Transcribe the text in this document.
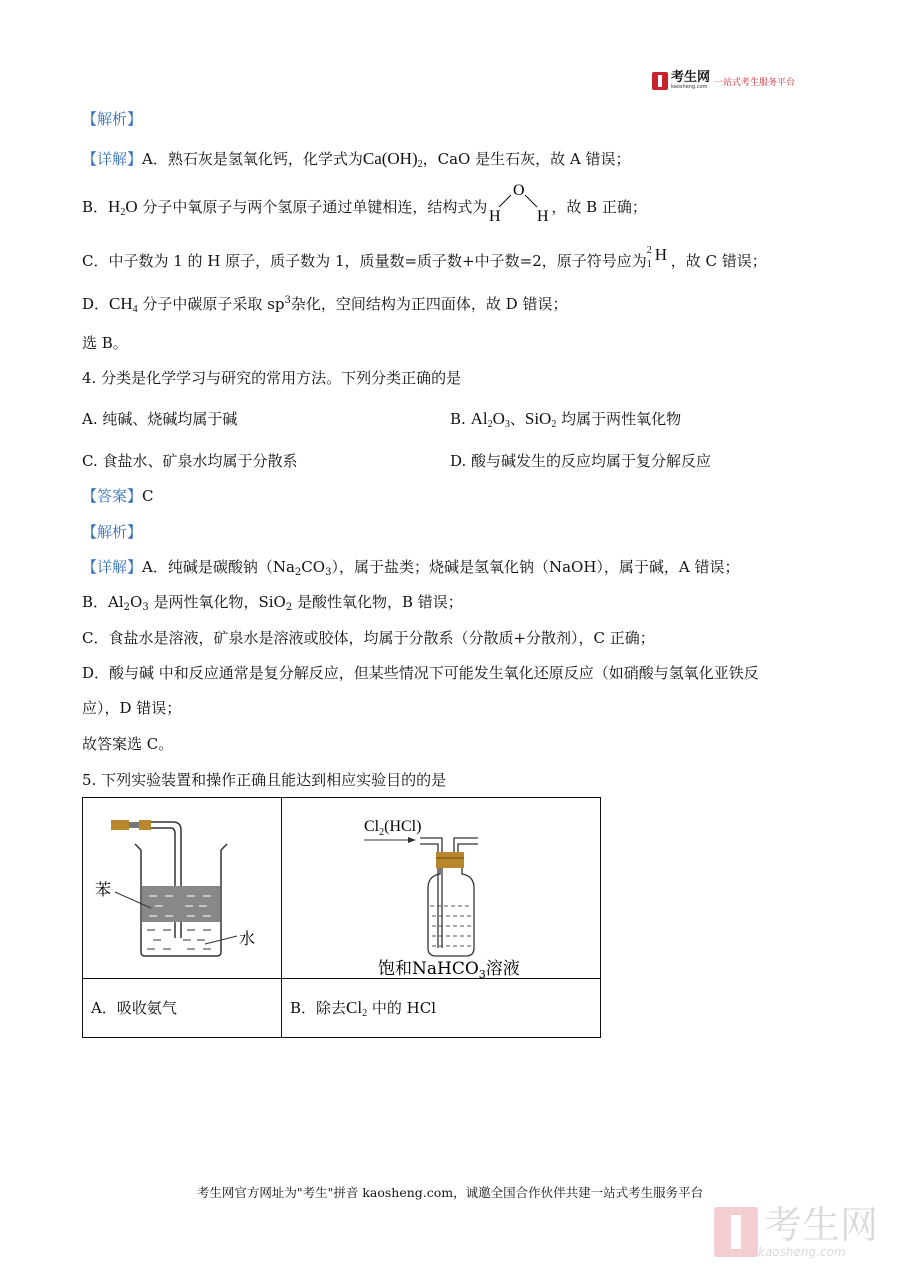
考生网
kaosheng.com 一站式考生服务平台
【解析】
【详解】A．熟石灰是氢氧化钙，化学式为$Ca(OH)_2$，CaO 是生石灰，故 A 错误；
B．$H_2O$ 分子中氧原子与两个氢原子通过单键相连，结构式为
O
H H
，故 B 正确；
C．中子数为 1 的 H 原子，质子数为 1，质量数=质子数+中子数=2，原子符号应为
2
1
H ，故 C 错误；
D．$CH_4$ 分子中碳原子采取 $sp^3$杂化，空间结构为正四面体，故 D 错误；
选 B。
4. 分类是化学学习与研究的常用方法。下列分类正确的是
A. 纯碱、烧碱均属于碱	B. $Al_2O_3$、SiO$_2$ 均属于两性氧化物
C. 食盐水、矿泉水均属于分散系	D. 酸与碱发生的反应均属于复分解反应
【答案】C
【解析】
【详解】A．纯碱是碳酸钠$(Na_2CO_3)$，属于盐类；烧碱是氢氧化钠（NaOH），属于碱，A 错误；
B．$Al_2O_3$ 是两性氧化物，SiO$_2$ 是酸性氧化物，B 错误；
C．食盐水是溶液，矿泉水是溶液或胶体，均属于分散系（分散质+分散剂），C 正确；
D．酸与碱 中和反应通常是复分解反应，但某些情况下可能发生氧化还原反应（如硝酸与氢氧化亚铁反
应），D 错误；
故答案选 C。
5. 下列实验装置和操作正确且能达到相应实验目的的是
苯
水	$Cl_2(HCl)$
饱和NaHCO$_3$溶液

A．吸收氨气	B．除去$Cl_2$ 中的 HCl
考生网官方网址为"考生"拼音 kaosheng.com，诚邀全国合作伙伴共建一站式考生服务平台
考生网
kaosheng.com
